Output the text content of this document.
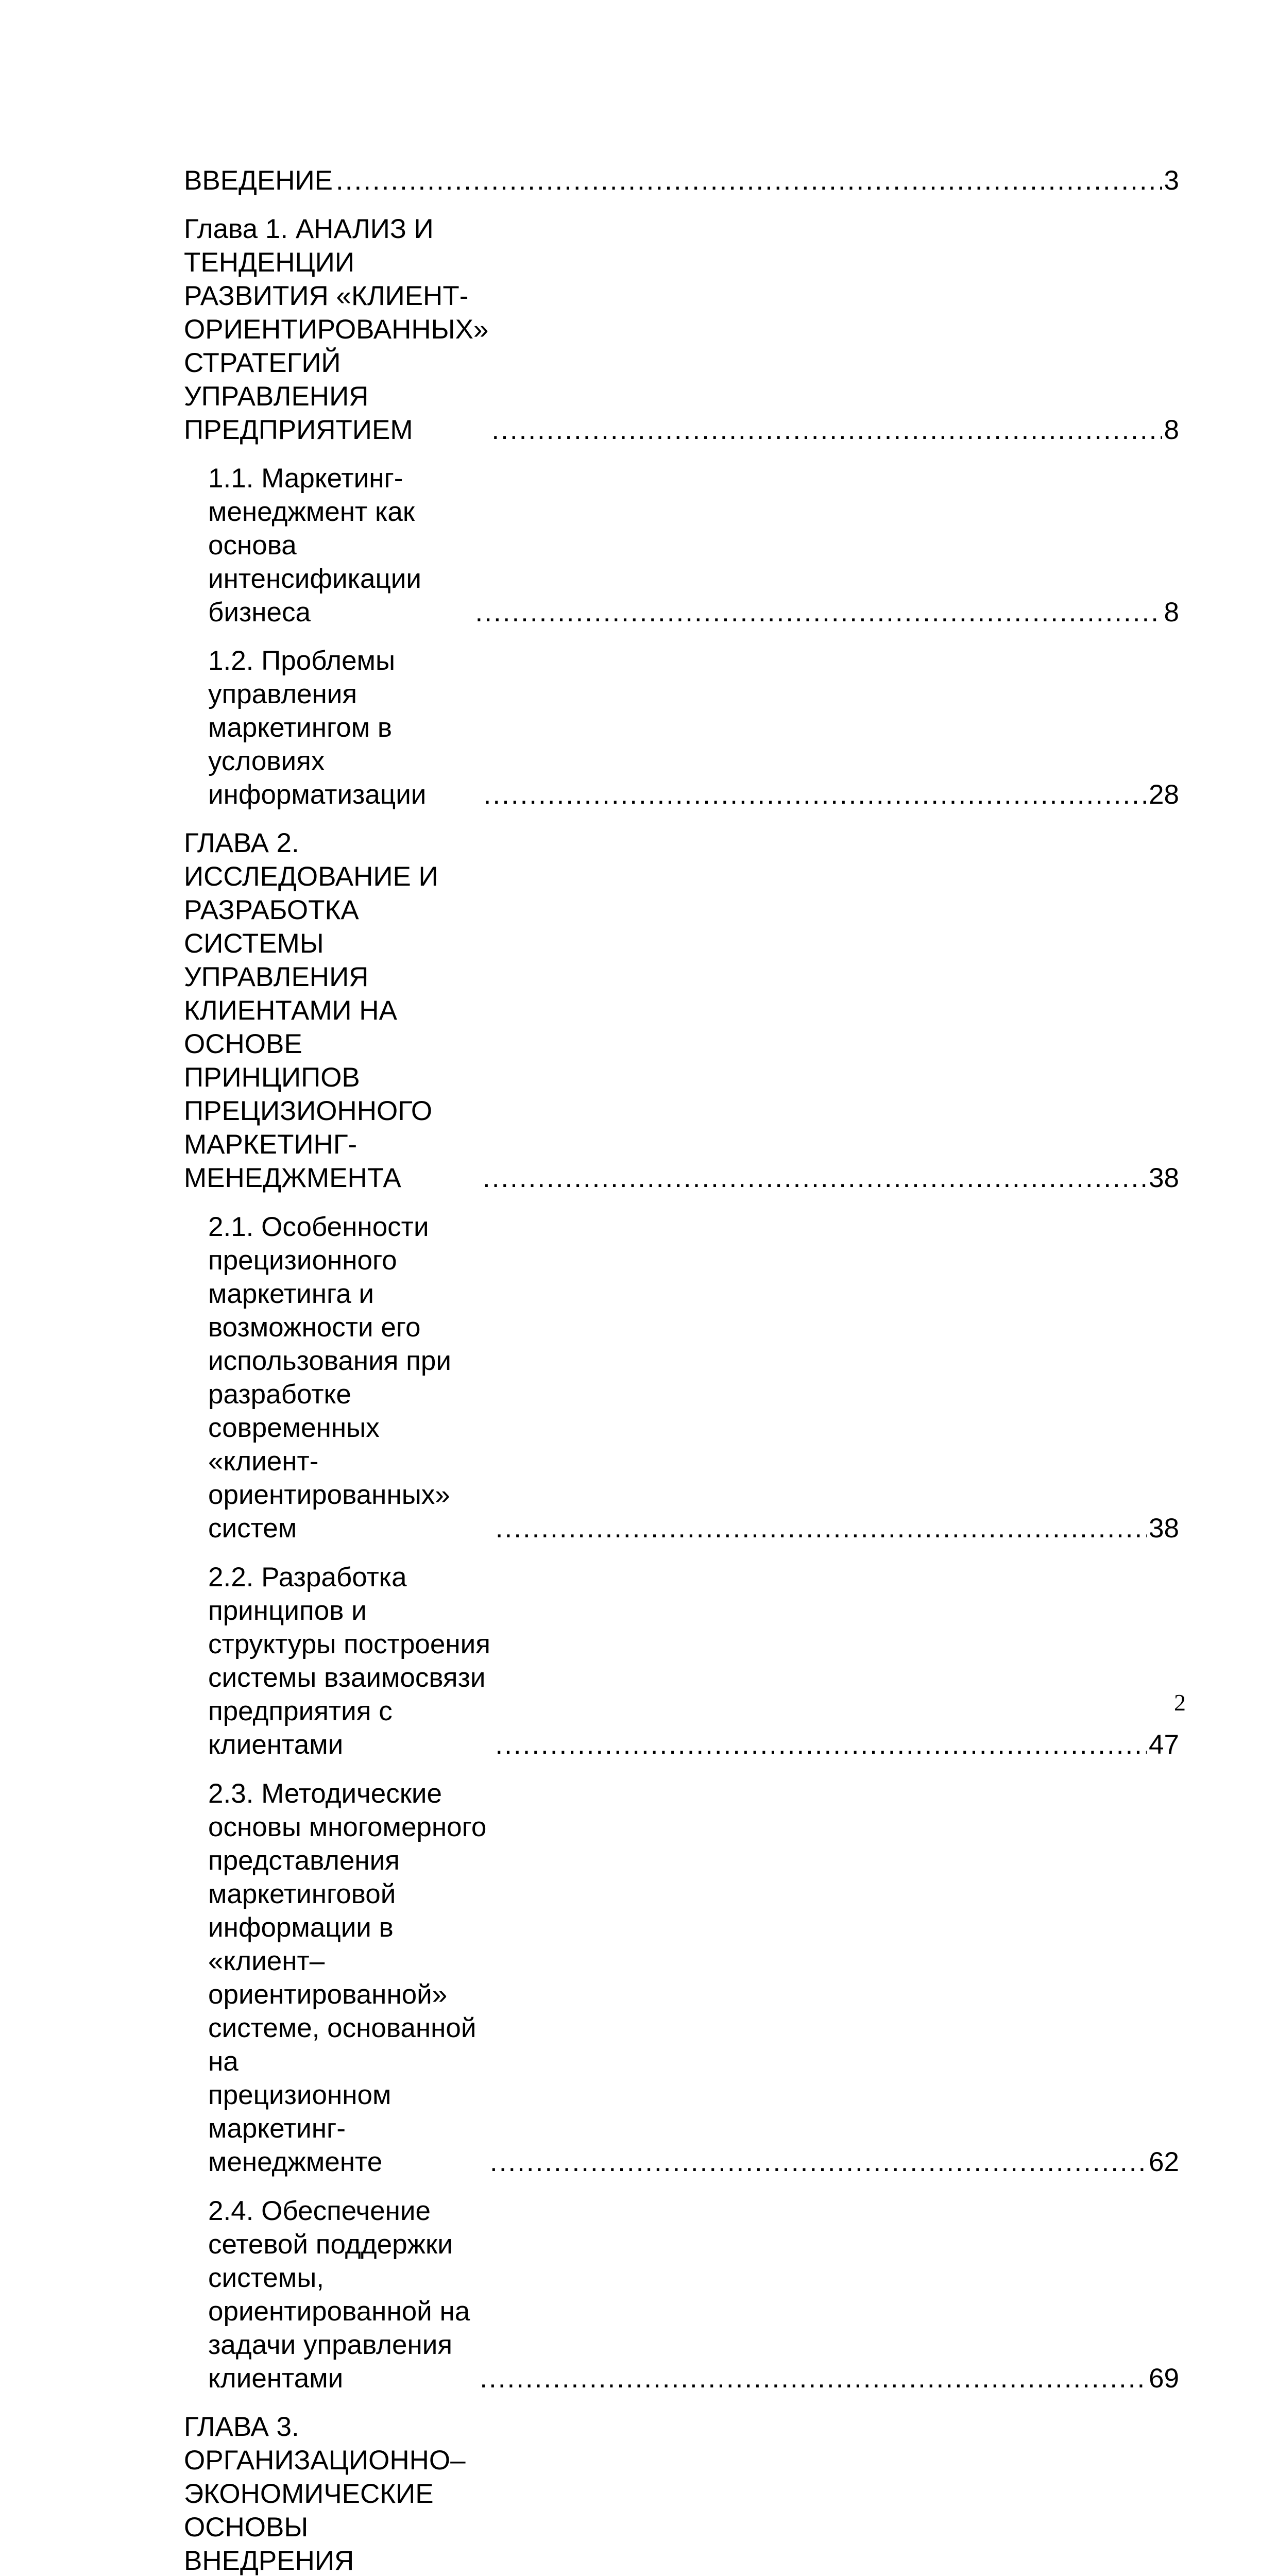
ВВЕДЕНИЕ .....	3
Глава 1. АНАЛИЗ И ТЕНДЕНЦИИ РАЗВИТИЯ «КЛИЕНТ-
ОРИЕНТИРОВАННЫХ» СТРАТЕГИЙ УПРАВЛЕНИЯ ПРЕДПРИЯТИЕМ .....	8
1.1. Маркетинг-менеджмент как основа интенсификации бизнеса .....	8
1.2. Проблемы управления маркетингом в условиях информатизации .....	28
ГЛАВА 2. ИССЛЕДОВАНИЕ И РАЗРАБОТКА СИСТЕМЫ УПРАВЛЕНИЯ
КЛИЕНТАМИ НА ОСНОВЕ ПРИНЦИПОВ ПРЕЦИЗИОННОГО МАРКЕТИНГ-
МЕНЕДЖМЕНТА .....	38
2.1. Особенности прецизионного маркетинга и возможности его
использования при разработке современных «клиент- ориентированных»
систем .....	38
2.2. Разработка принципов и структуры построения системы взаимосвязи
предприятия с клиентами .....	47
2.3. Методические основы многомерного представления маркетинговой
информации в «клиент–ориентированной» системе, основанной на
прецизионном маркетинг-менеджменте .....	62
2.4. Обеспечение сетевой поддержки системы, ориентированной на
задачи управления клиентами .....	69
ГЛАВА 3. ОРГАНИЗАЦИОННО–ЭКОНОМИЧЕСКИЕ ОСНОВЫ ВНЕДРЕНИЯ

2
